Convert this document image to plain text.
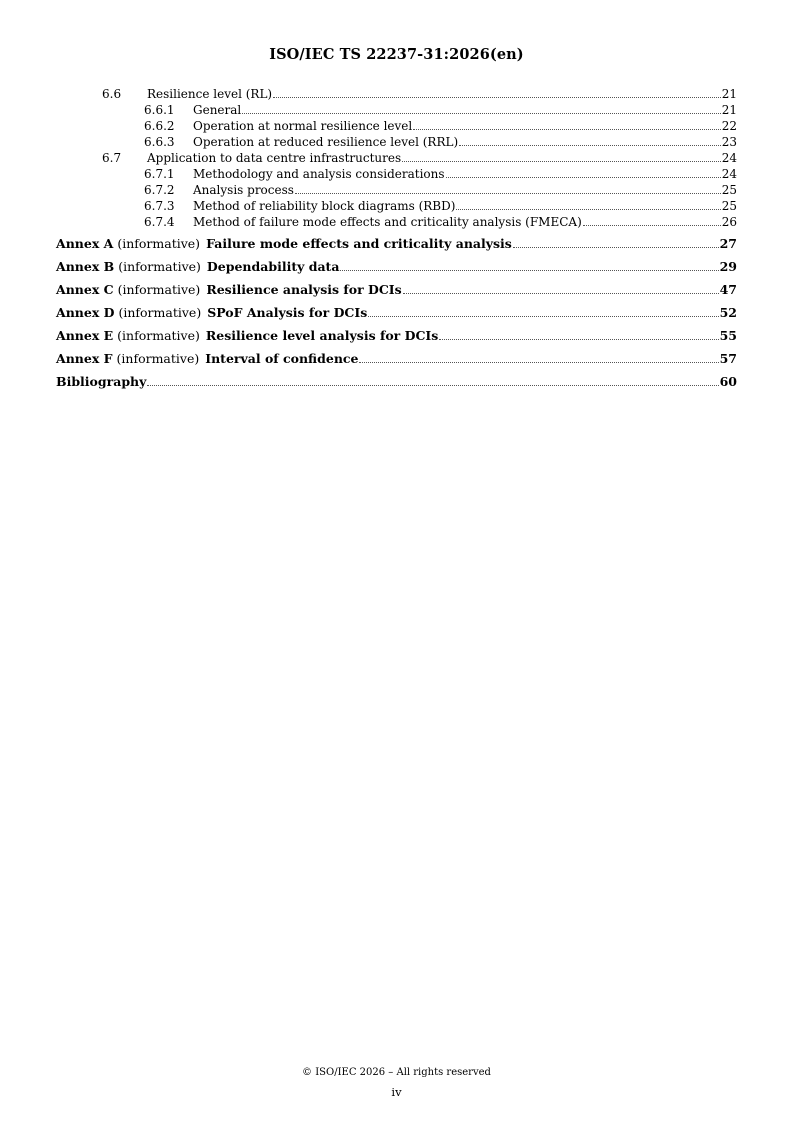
ISO/IEC TS 22237-31:2026(en)
6.6	Resilience level (RL)	21
6.6.1	General	21
6.6.2	Operation at normal resilience level	22
6.6.3	Operation at reduced resilience level (RRL)	23
6.7	Application to data centre infrastructures	24
6.7.1	Methodology and analysis considerations	24
6.7.2	Analysis process	25
6.7.3	Method of reliability block diagrams (RBD)	25
6.7.4	Method of failure mode effects and criticality analysis (FMECA)	26
Annex A (informative) Failure mode effects and criticality analysis	27
Annex B (informative) Dependability data	29
Annex C (informative) Resilience analysis for DCIs	47
Annex D (informative) SPoF Analysis for DCIs	52
Annex E (informative) Resilience level analysis for DCIs	55
Annex F (informative) Interval of confidence	57
Bibliography	60
© ISO/IEC 2026 – All rights reserved
iv
